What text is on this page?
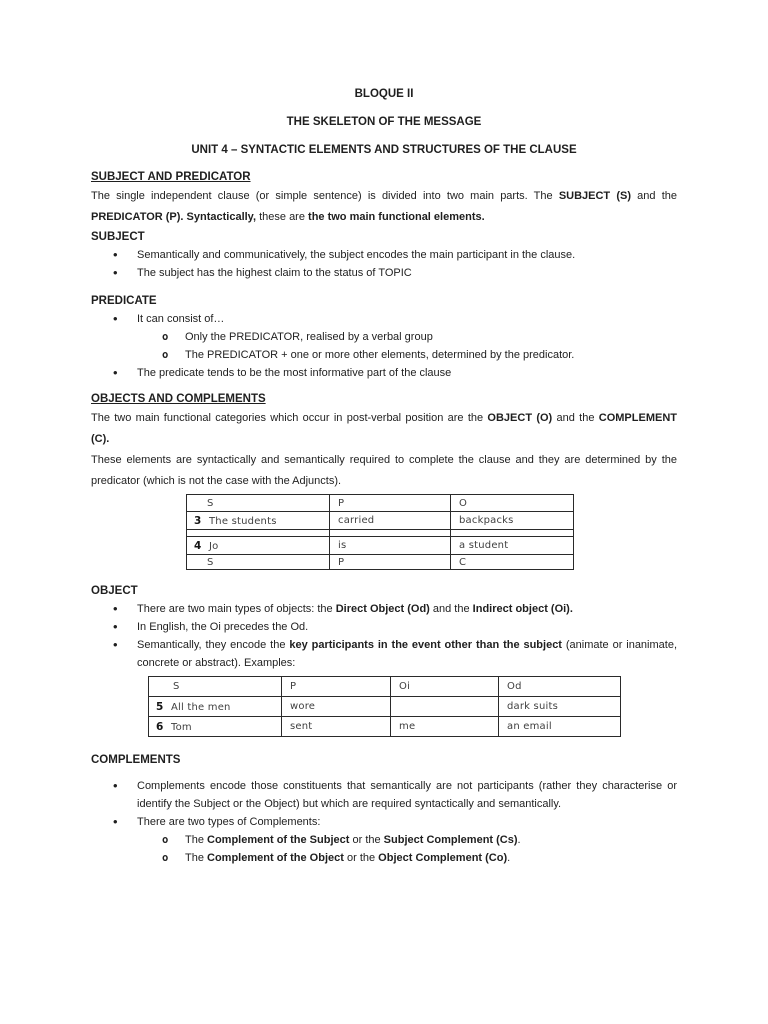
BLOQUE II
THE SKELETON OF THE MESSAGE
UNIT 4 – SYNTACTIC ELEMENTS AND STRUCTURES OF THE CLAUSE
SUBJECT AND PREDICATOR

The single independent clause (or simple sentence) is divided into two main parts. The SUBJECT (S) and the PREDICATOR (P). Syntactically, these are the two main functional elements.

SUBJECT
•
Semantically and communicatively, the subject encodes the main participant in the clause.
•
The subject has the highest claim to the status of TOPIC
PREDICATE
•
It can consist of…
o
Only the PREDICATOR, realised by a verbal group
o
The PREDICATOR + one or more other elements, determined by the predicator.
•
The predicate tends to be the most informative part of the clause
OBJECTS AND COMPLEMENTS

The two main functional categories which occur in post-verbal position are the OBJECT (O) and the COMPLEMENT (C).

These elements are syntactically and semantically required to complete the clause and they are determined by the predicator (which is not the case with the Adjuncts).

S	P	O
3 The students	carried	backpacks

4 Jo	is	a student
S	P	C
OBJECT
•
There are two main types of objects: the Direct Object (Od) and the Indirect object (Oi).
•
In English, the Oi precedes the Od.
•
Semantically, they encode the key participants in the event other than the subject (animate or inanimate, concrete or abstract). Examples:
S	P	Oi	Od
5 All the men	wore		dark suits
6 Tom	sent	me	an email
COMPLEMENTS
•
Complements encode those constituents that semantically are not participants (rather they characterise or identify the Subject or the Object) but which are required syntactically and semantically.
•
There are two types of Complements:
o
The Complement of the Subject or the Subject Complement (Cs).
o
The Complement of the Object or the Object Complement (Co).
